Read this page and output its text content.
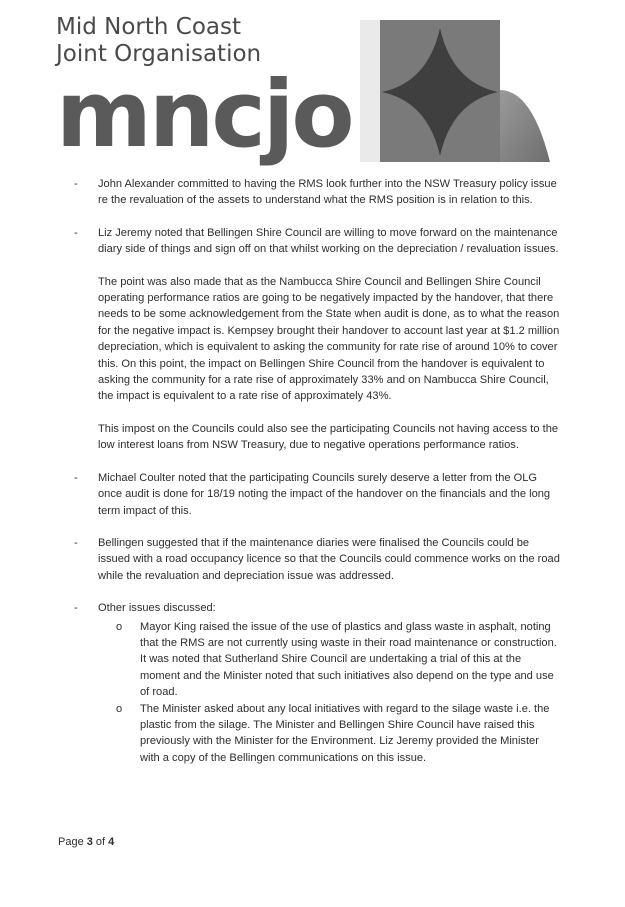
Mid North Coast
Joint Organisation
mncjo
- John Alexander committed to having the RMS look further into the NSW Treasury policy issue re the revaluation of the assets to understand what the RMS position is in relation to this.
- Liz Jeremy noted that Bellingen Shire Council are willing to move forward on the maintenance diary side of things and sign off on that whilst working on the depreciation / revaluation issues.

The point was also made that as the Nambucca Shire Council and Bellingen Shire Council operating performance ratios are going to be negatively impacted by the handover, that there needs to be some acknowledgement from the State when audit is done, as to what the reason for the negative impact is. Kempsey brought their handover to account last year at $1.2 million depreciation, which is equivalent to asking the community for rate rise of around 10% to cover this. On this point, the impact on Bellingen Shire Council from the handover is equivalent to asking the community for a rate rise of approximately 33% and on Nambucca Shire Council, the impact is equivalent to a rate rise of approximately 43%.

This impost on the Councils could also see the participating Councils not having access to the low interest loans from NSW Treasury, due to negative operations performance ratios.

- Michael Coulter noted that the participating Councils surely deserve a letter from the OLG once audit is done for 18/19 noting the impact of the handover on the financials and the long term impact of this.
- Bellingen suggested that if the maintenance diaries were finalised the Councils could be issued with a road occupancy licence so that the Councils could commence works on the road while the revaluation and depreciation issue was addressed.
- Other issues discussed:
o Mayor King raised the issue of the use of plastics and glass waste in asphalt, noting that the RMS are not currently using waste in their road maintenance or construction. It was noted that Sutherland Shire Council are undertaking a trial of this at the moment and the Minister noted that such initiatives also depend on the type and use of road.
o The Minister asked about any local initiatives with regard to the silage waste i.e. the plastic from the silage. The Minister and Bellingen Shire Council have raised this previously with the Minister for the Environment. Liz Jeremy provided the Minister with a copy of the Bellingen communications on this issue.
Page 3 of 4
